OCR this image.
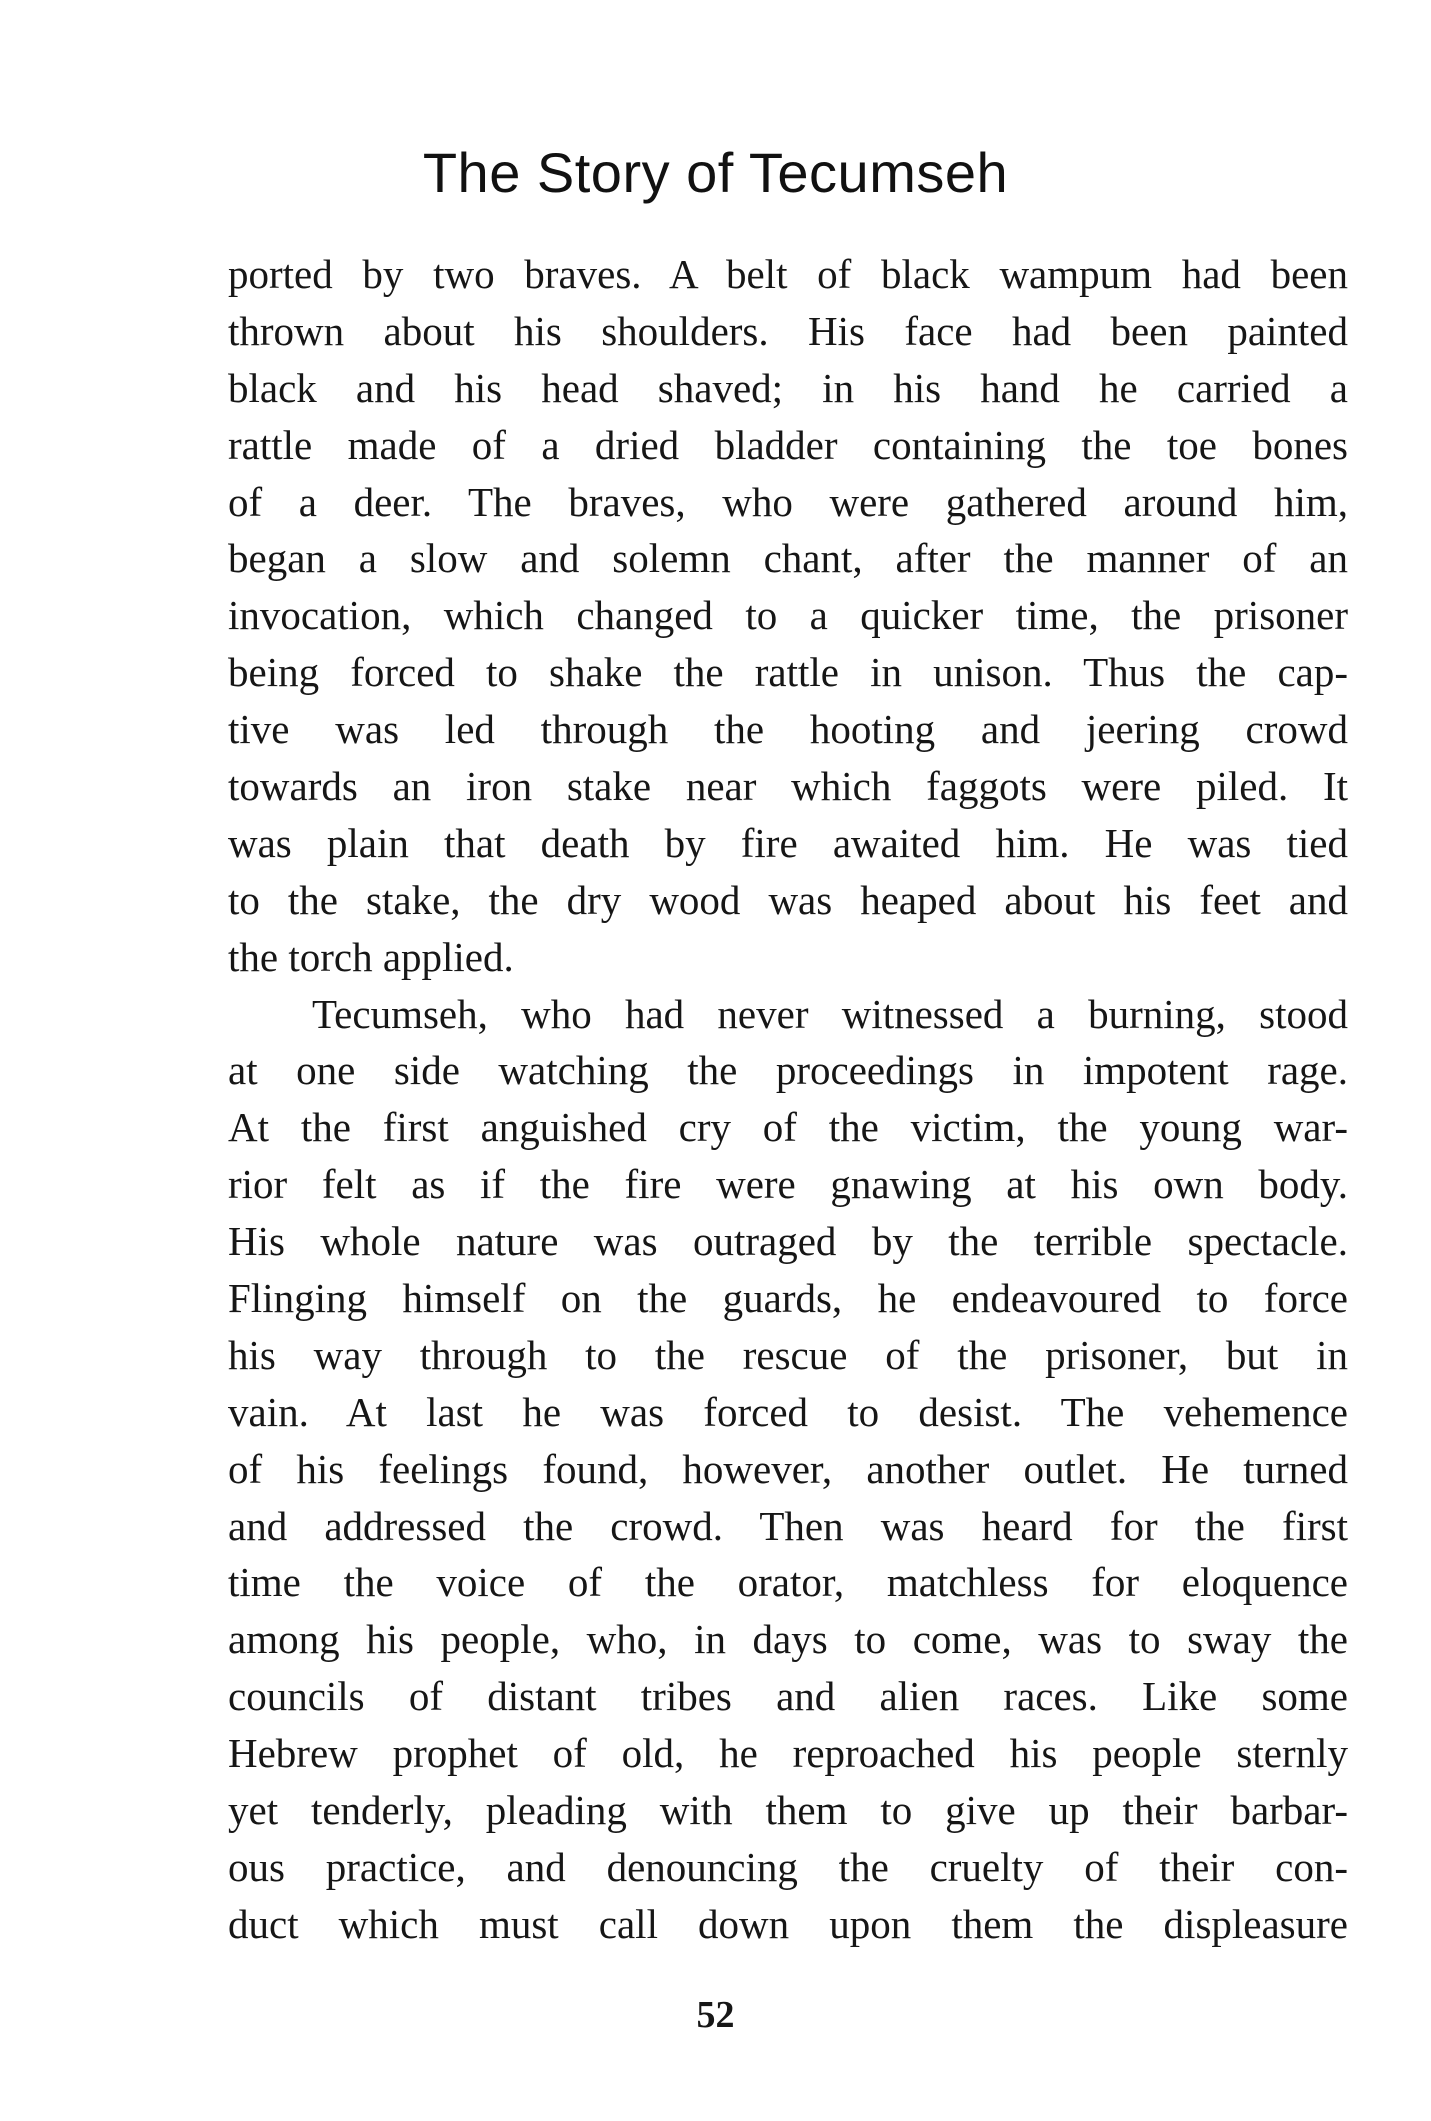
The Story of Tecumseh
ported by two braves. A belt of black wampum had been
thrown about his shoulders. His face had been painted
black and his head shaved; in his hand he carried a
rattle made of a dried bladder containing the toe bones
of a deer. The braves, who were gathered around him,
began a slow and solemn chant, after the manner of an
invocation, which changed to a quicker time, the prisoner
being forced to shake the rattle in unison. Thus the cap-
tive was led through the hooting and jeering crowd
towards an iron stake near which faggots were piled. It
was plain that death by fire awaited him. He was tied
to the stake, the dry wood was heaped about his feet and
the torch applied.
Tecumseh, who had never witnessed a burning, stood
at one side watching the proceedings in impotent rage.
At the first anguished cry of the victim, the young war-
rior felt as if the fire were gnawing at his own body.
His whole nature was outraged by the terrible spectacle.
Flinging himself on the guards, he endeavoured to force
his way through to the rescue of the prisoner, but in
vain. At last he was forced to desist. The vehemence
of his feelings found, however, another outlet. He turned
and addressed the crowd. Then was heard for the first
time the voice of the orator, matchless for eloquence
among his people, who, in days to come, was to sway the
councils of distant tribes and alien races. Like some
Hebrew prophet of old, he reproached his people sternly
yet tenderly, pleading with them to give up their barbar-
ous practice, and denouncing the cruelty of their con-
duct which must call down upon them the displeasure
52
